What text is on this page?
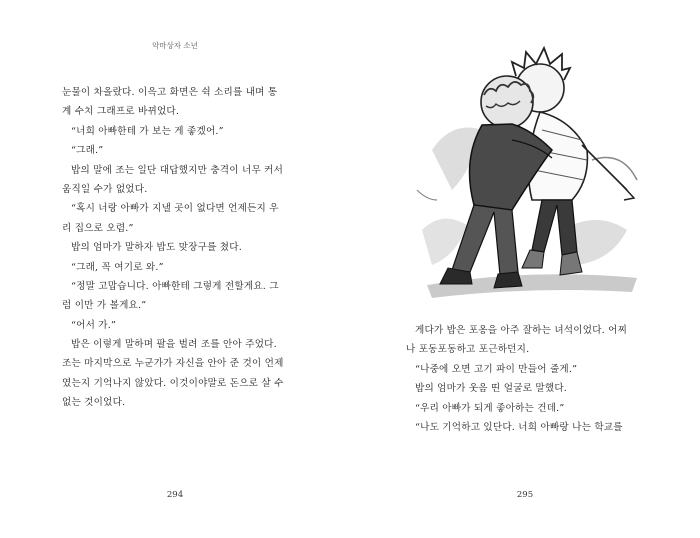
악마상자 소년
눈물이 차올랐다. 이윽고 화면은 쉭 소리를 내며 통
계 수치 그래프로 바뀌었다.
“너희 아빠한테 가 보는 게 좋겠어.”
“그래.”
밥의 말에 조는 일단 대답했지만 충격이 너무 커서
움직일 수가 없었다.
“혹시 너랑 아빠가 지낼 곳이 없다면 언제든지 우
리 집으로 오렴.”
밥의 엄마가 말하자 밥도 맞장구를 쳤다.
“그래, 꼭 여기로 와.”
“정말 고맙습니다. 아빠한테 그렇게 전할게요. 그
럼 이만 가 볼게요.”
“어서 가.”
밥은 이렇게 말하며 팔을 벌려 조를 안아 주었다.
조는 마지막으로 누군가가 자신을 안아 준 것이 언제
였는지 기억나지 않았다. 이것이야말로 돈으로 살 수
없는 것이었다.
294
게다가 밥은 포옹을 아주 잘하는 녀석이었다. 어찌
나 포동포동하고 포근하던지.
“나중에 오면 고기 파이 만들어 줄게.”
밥의 엄마가 웃음 띤 얼굴로 말했다.
“우리 아빠가 되게 좋아하는 건데.”
“나도 기억하고 있단다. 너희 아빠랑 나는 학교를
295
